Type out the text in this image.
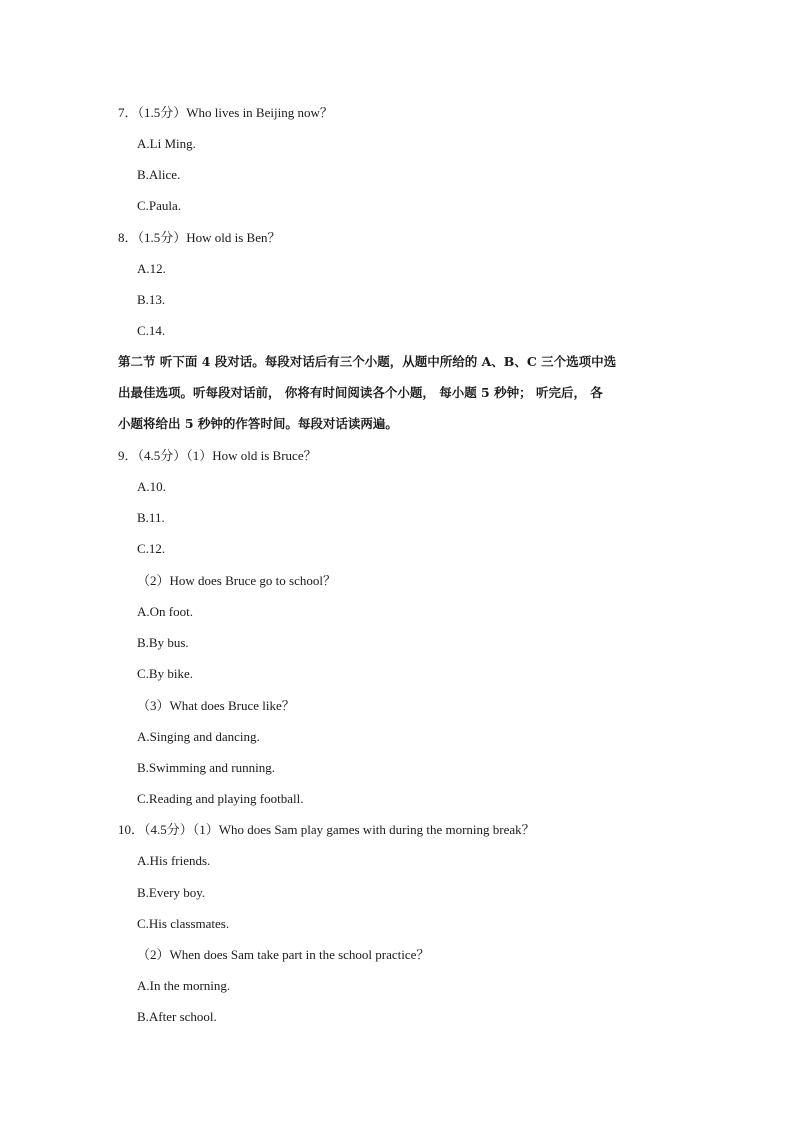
7．（1.5分）Who lives in Beijing now？
A.Li Ming.
B.Alice.
C.Paula.
8．（1.5分）How old is Ben？
A.12.
B.13.
C.14.
第二节 听下面 4 段对话。每段对话后有三个小题，从题中所给的 A、B、C 三个选项中选
出最佳选项。听每段对话前， 你将有时间阅读各个小题， 每小题 5 秒钟； 听完后， 各
小题将给出 5 秒钟的作答时间。每段对话读两遍。
9．（4.5分）（1）How old is Bruce？
A.10.
B.11.
C.12.
（2）How does Bruce go to school？
A.On foot.
B.By bus.
C.By bike.
（3）What does Bruce like？
A.Singing and dancing.
B.Swimming and running.
C.Reading and playing football.
10．（4.5分）（1）Who does Sam play games with during the morning break？
A.His friends.
B.Every boy.
C.His classmates.
（2）When does Sam take part in the school practice？
A.In the morning.
B.After school.
